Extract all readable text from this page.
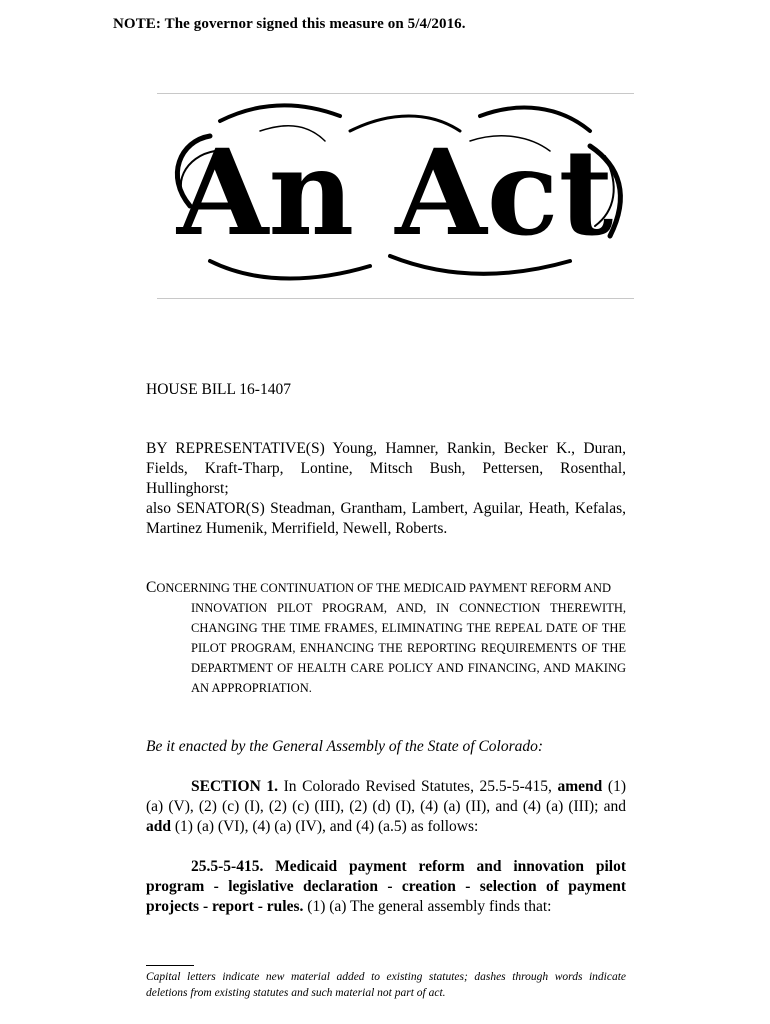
NOTE: The governor signed this measure on 5/4/2016.
An Act
HOUSE BILL 16-1407

BY REPRESENTATIVE(S) Young, Hamner, Rankin, Becker K., Duran, Fields, Kraft-Tharp, Lontine, Mitsch Bush, Pettersen, Rosenthal, Hullinghorst;

also SENATOR(S) Steadman, Grantham, Lambert, Aguilar, Heath, Kefalas, Martinez Humenik, Merrifield, Newell, Roberts.

CONCERNING THE CONTINUATION OF THE MEDICAID PAYMENT REFORM AND
INNOVATION PILOT PROGRAM, AND, IN CONNECTION THEREWITH, CHANGING THE TIME FRAMES, ELIMINATING THE REPEAL DATE OF THE PILOT PROGRAM, ENHANCING THE REPORTING REQUIREMENTS OF THE DEPARTMENT OF HEALTH CARE POLICY AND FINANCING, AND MAKING AN APPROPRIATION.
Be it enacted by the General Assembly of the State of Colorado:
SECTION 1. In Colorado Revised Statutes, 25.5-5-415, amend (1) (a) (V), (2) (c) (I), (2) (c) (III), (2) (d) (I), (4) (a) (II), and (4) (a) (III); and add (1) (a) (VI), (4) (a) (IV), and (4) (a.5) as follows:
25.5-5-415. Medicaid payment reform and innovation pilot program - legislative declaration - creation - selection of payment projects - report - rules. (1) (a) The general assembly finds that:
Capital letters indicate new material added to existing statutes; dashes through words indicate deletions from existing statutes and such material not part of act.
